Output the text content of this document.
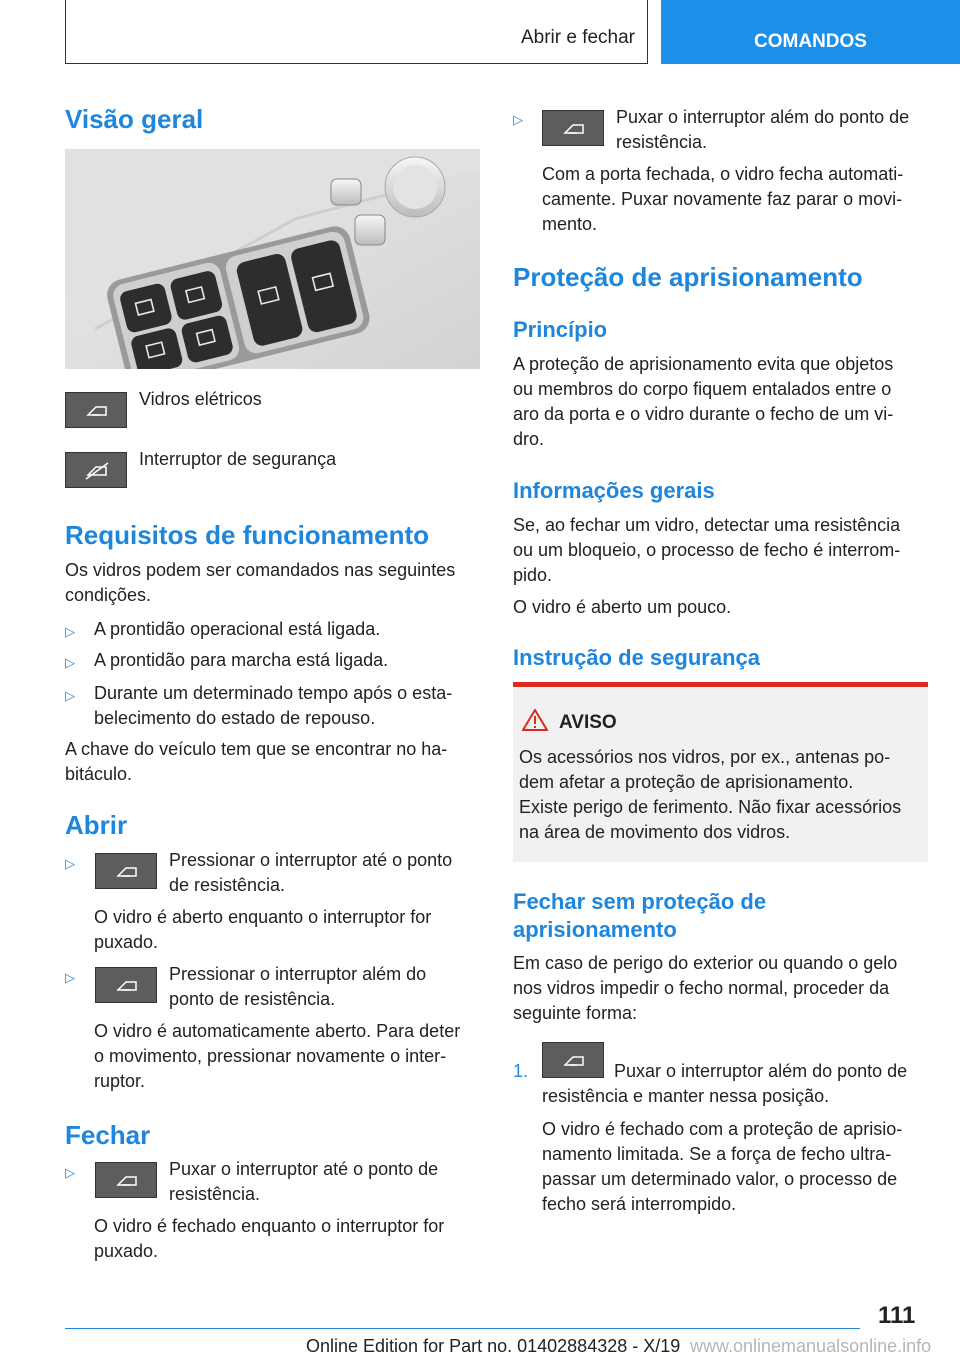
Abrir e fechar	COMANDOS
Visão geral
Vidros elétricos
Interruptor de segurança
Requisitos de funcionamento
Os vidros podem ser comandados nas seguintes
condições.
▷ A prontidão operacional está ligada.
▷ A prontidão para marcha está ligada.
▷ Durante um determinado tempo após o esta-
belecimento do estado de repouso.
A chave do veículo tem que se encontrar no ha-
bitáculo.
Abrir
▷	Pressionar o interruptor até o ponto
de resistência.
O vidro é aberto enquanto o interruptor for
puxado.
▷	Pressionar o interruptor além do
ponto de resistência.
O vidro é automaticamente aberto. Para deter
o movimento, pressionar novamente o inter-
ruptor.
Fechar
▷	Puxar o interruptor até o ponto de
resistência.
O vidro é fechado enquanto o interruptor for
puxado.
▷	Puxar o interruptor além do ponto de
resistência.
Com a porta fechada, o vidro fecha automati-
camente. Puxar novamente faz parar o movi-
mento.
Proteção de aprisionamento
Princípio
A proteção de aprisionamento evita que objetos
ou membros do corpo fiquem entalados entre o
aro da porta e o vidro durante o fecho de um vi-
dro.
Informações gerais
Se, ao fechar um vidro, detectar uma resistência
ou um bloqueio, o processo de fecho é interrom-
pido.
O vidro é aberto um pouco.
Instrução de segurança
AVISO
Os acessórios nos vidros, por ex., antenas po-
dem afetar a proteção de aprisionamento.
Existe perigo de ferimento. Não fixar acessórios
na área de movimento dos vidros.
Fechar sem proteção de
aprisionamento
Em caso de perigo do exterior ou quando o gelo
nos vidros impedir o fecho normal, proceder da
seguinte forma:
1.	Puxar o interruptor além do ponto de
resistência e manter nessa posição.
O vidro é fechado com a proteção de aprisio-
namento limitada. Se a força de fecho ultra-
passar um determinado valor, o processo de
fecho será interrompido.
111
Online Edition for Part no. 01402884328 - X/19 www.onlinemanualsonline.info
